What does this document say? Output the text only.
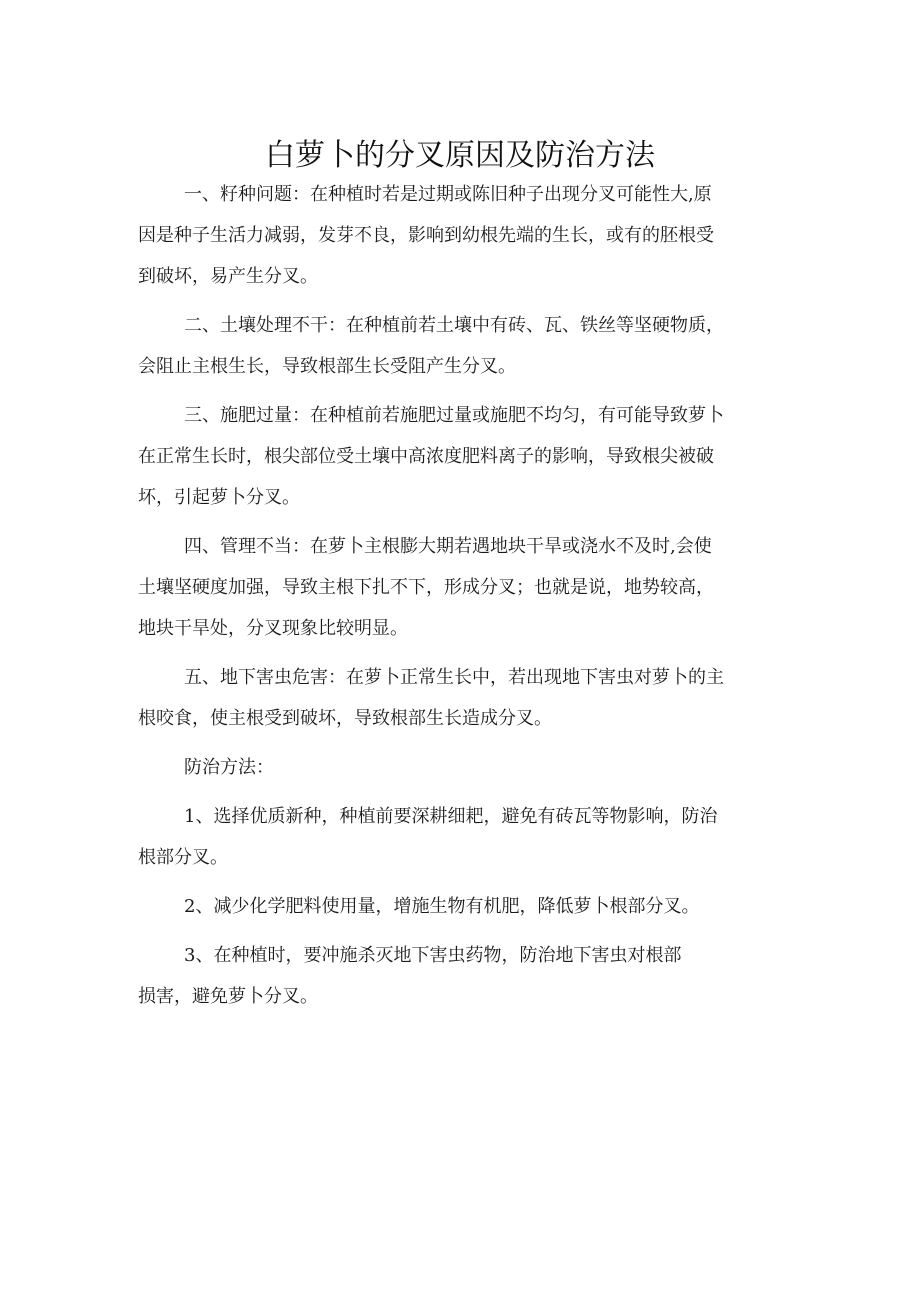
白萝卜的分叉原因及防治方法
一、籽种问题：在种植时若是过期或陈旧种子出现分叉可能性大,原
因是种子生活力减弱，发芽不良，影响到幼根先端的生长，或有的胚根受
到破坏，易产生分叉。
二、土壤处理不干：在种植前若土壤中有砖、瓦、铁丝等坚硬物质，
会阻止主根生长，导致根部生长受阻产生分叉。
三、施肥过量：在种植前若施肥过量或施肥不均匀，有可能导致萝卜
在正常生长时，根尖部位受土壤中高浓度肥料离子的影响，导致根尖被破
坏，引起萝卜分叉。
四、管理不当：在萝卜主根膨大期若遇地块干旱或浇水不及时,会使
土壤坚硬度加强，导致主根下扎不下，形成分叉；也就是说，地势较高，
地块干旱处，分叉现象比较明显。
五、地下害虫危害：在萝卜正常生长中，若出现地下害虫对萝卜的主
根咬食，使主根受到破坏，导致根部生长造成分叉。
防治方法：
1、选择优质新种，种植前要深耕细耙，避免有砖瓦等物影响，防治
根部分叉。
2、减少化学肥料使用量，增施生物有机肥，降低萝卜根部分叉。
3、在种植时，要冲施杀灭地下害虫药物，防治地下害虫对根部
损害，避免萝卜分叉。
